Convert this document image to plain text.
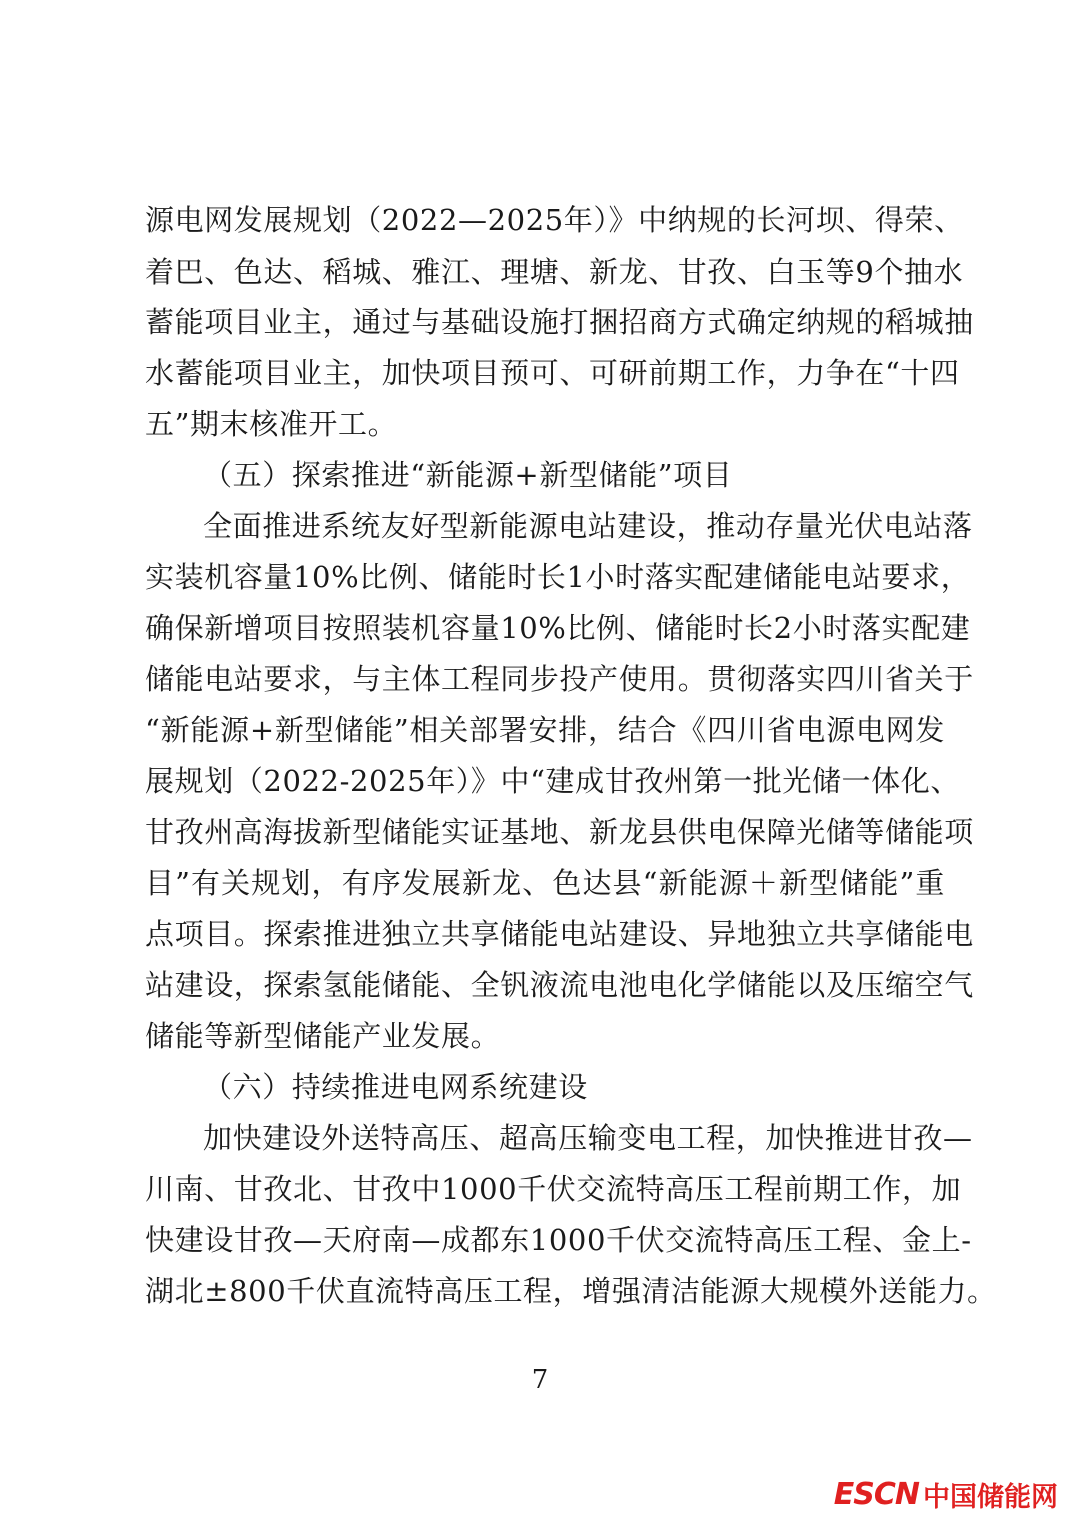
源电网发展规划（2022—2025年）》中纳规的长河坝、得荣、
着巴、色达、稻城、雅江、理塘、新龙、甘孜、白玉等9个抽水
蓄能项目业主，通过与基础设施打捆招商方式确定纳规的稻城抽
水蓄能项目业主，加快项目预可、可研前期工作，力争在“十四
五”期末核准开工。
（五）探索推进“新能源+新型储能”项目
全面推进系统友好型新能源电站建设，推动存量光伏电站落
实装机容量10%比例、储能时长1小时落实配建储能电站要求，
确保新增项目按照装机容量10%比例、储能时长2小时落实配建
储能电站要求，与主体工程同步投产使用。贯彻落实四川省关于
“新能源+新型储能”相关部署安排，结合《四川省电源电网发
展规划（2022-2025年）》中“建成甘孜州第一批光储一体化、
甘孜州高海拔新型储能实证基地、新龙县供电保障光储等储能项
目”有关规划，有序发展新龙、色达县“新能源＋新型储能”重
点项目。探索推进独立共享储能电站建设、异地独立共享储能电
站建设，探索氢能储能、全钒液流电池电化学储能以及压缩空气
储能等新型储能产业发展。
（六）持续推进电网系统建设
加快建设外送特高压、超高压输变电工程，加快推进甘孜—
川南、甘孜北、甘孜中1000千伏交流特高压工程前期工作，加
快建设甘孜—天府南—成都东1000千伏交流特高压工程、金上-
湖北±800千伏直流特高压工程，增强清洁能源大规模外送能力。
7
ESCN 中国储能网
